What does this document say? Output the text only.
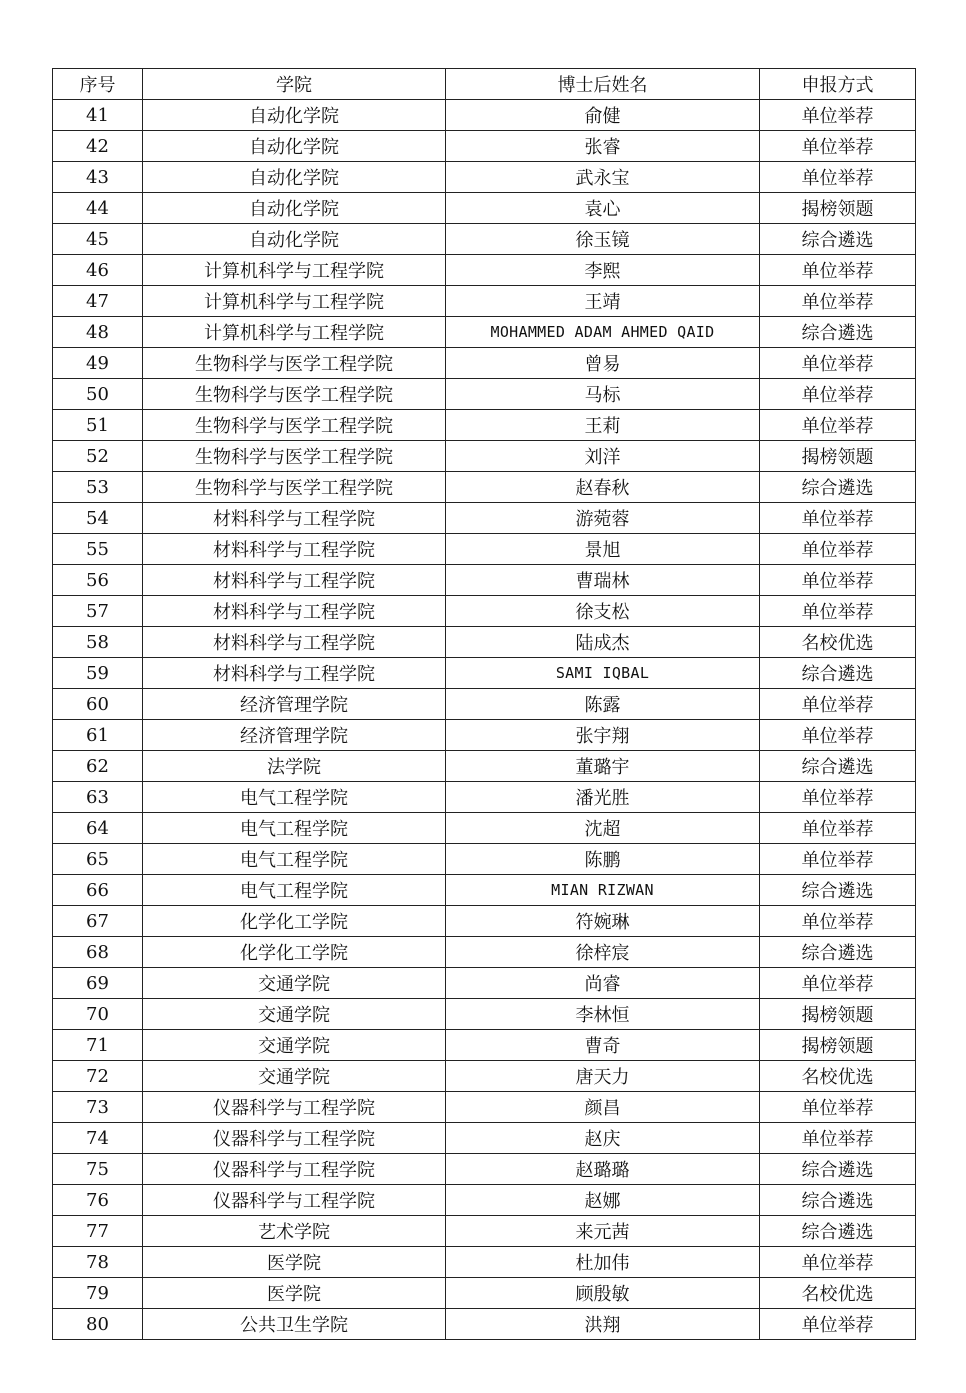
序号	学院	博士后姓名	申报方式
41	自动化学院	俞健	单位举荐
42	自动化学院	张睿	单位举荐
43	自动化学院	武永宝	单位举荐
44	自动化学院	袁心	揭榜领题
45	自动化学院	徐玉镜	综合遴选
46	计算机科学与工程学院	李熙	单位举荐
47	计算机科学与工程学院	王靖	单位举荐
48	计算机科学与工程学院	MOHAMMED ADAM AHMED QAID	综合遴选
49	生物科学与医学工程学院	曾易	单位举荐
50	生物科学与医学工程学院	马标	单位举荐
51	生物科学与医学工程学院	王莉	单位举荐
52	生物科学与医学工程学院	刘洋	揭榜领题
53	生物科学与医学工程学院	赵春秋	综合遴选
54	材料科学与工程学院	游菀蓉	单位举荐
55	材料科学与工程学院	景旭	单位举荐
56	材料科学与工程学院	曹瑞林	单位举荐
57	材料科学与工程学院	徐支松	单位举荐
58	材料科学与工程学院	陆成杰	名校优选
59	材料科学与工程学院	SAMI IQBAL	综合遴选
60	经济管理学院	陈露	单位举荐
61	经济管理学院	张宇翔	单位举荐
62	法学院	董璐宇	综合遴选
63	电气工程学院	潘光胜	单位举荐
64	电气工程学院	沈超	单位举荐
65	电气工程学院	陈鹏	单位举荐
66	电气工程学院	MIAN RIZWAN	综合遴选
67	化学化工学院	符婉琳	单位举荐
68	化学化工学院	徐梓宸	综合遴选
69	交通学院	尚睿	单位举荐
70	交通学院	李林恒	揭榜领题
71	交通学院	曹奇	揭榜领题
72	交通学院	唐天力	名校优选
73	仪器科学与工程学院	颜昌	单位举荐
74	仪器科学与工程学院	赵庆	单位举荐
75	仪器科学与工程学院	赵璐璐	综合遴选
76	仪器科学与工程学院	赵娜	综合遴选
77	艺术学院	来元茜	综合遴选
78	医学院	杜加伟	单位举荐
79	医学院	顾殷敏	名校优选
80	公共卫生学院	洪翔	单位举荐
